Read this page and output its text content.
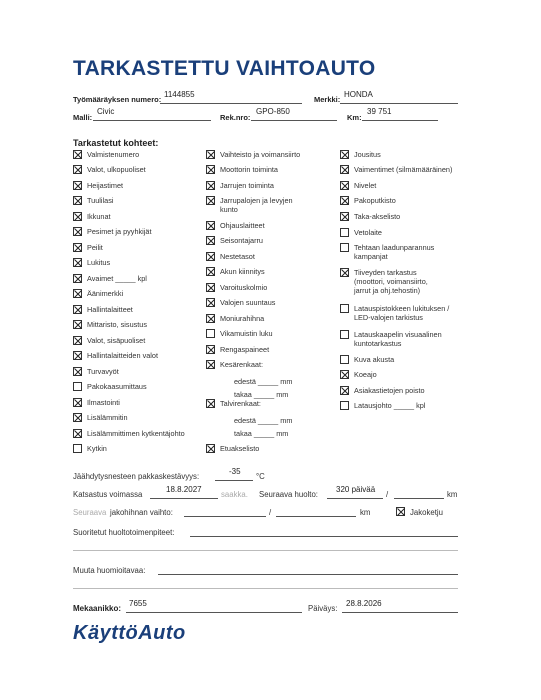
TARKASTETTU VAIHTOAUTO
Työmääräyksen numero:
1144855
Merkki:
HONDA
Malli:
Civic
Rek.nro:
GPO-850
Km:
39 751
Tarkastetut kohteet:
Valmistenumero
Valot, ulkopuoliset
Heijastimet
Tuulilasi
Ikkunat
Pesimet ja pyyhkijät
Peilit
Lukitus
Avaimet _____ kpl
Äänimerkki
Hallintalaitteet
Mittaristo, sisustus
Valot, sisäpuoliset
Hallintalaitteiden valot
Turvavyöt
Pakokaasumittaus
Ilmastointi
Lisälämmitin
Lisälämmittimen kytkentäjohto
Kytkin
Vaihteisto ja voimansiirto
Moottorin toiminta
Jarrujen toiminta
Jarrupalojen ja levyjen
kunto
Ohjauslaitteet
Seisontajarru
Nestetasot
Akun kiinnitys
Varoituskolmio
Valojen suuntaus
Moniurahihna
Vikamuistin luku
Rengaspaineet
Kesärenkaat:
Talvirenkaat:
Etuakselisto
Jousitus
Vaimentimet (silmämääräinen)
Nivelet
Pakoputkisto
Taka-akselisto
Vetolaite
Tehtaan laadunparannus
kampanjat
Tiiveyden tarkastus
(moottori, voimansiirto,
jarrut ja ohj.tehostin)
Latauspistokkeen lukituksen /
LED-valojen tarkistus
Latauskaapelin visuaalinen
kuntotarkastus
Kuva akusta
Koeajo
Asiakastietojen poisto
Latausjohto _____ kpl
edestä _____ mm
takaa _____ mm
edestä _____ mm
takaa _____ mm
Jäähdytysnesteen pakkaskestävyys:
-35
°C
Katsastus voimassa
18.8.2027
saakka. Seuraava huolto:
320 päivää
/	km
Seuraava jakohihnan vaihto:	/	km	Jakoketju
Suoritetut huoltotoimenpiteet:
Muuta huomioitavaa:
Mekaanikko:
7655
Päiväys:
28.8.2026
KäyttöAuto
